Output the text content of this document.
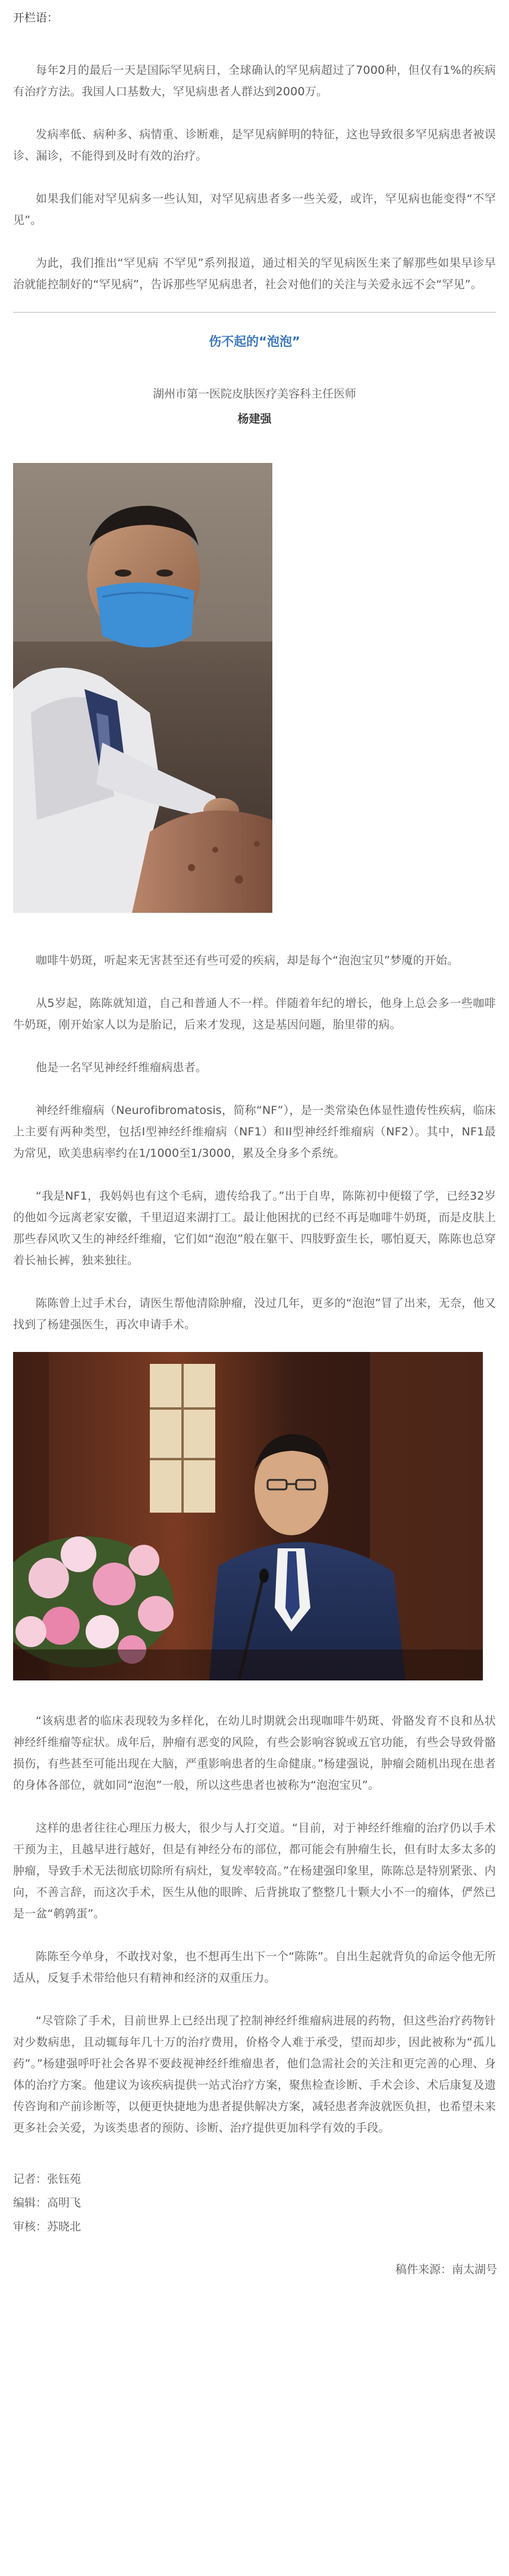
开栏语：

每年2月的最后一天是国际罕见病日，全球确认的罕见病超过了7000种，但仅有1%的疾病有治疗方法。我国人口基数大，罕见病患者人群达到2000万。

发病率低、病种多、病情重、诊断难，是罕见病鲜明的特征，这也导致很多罕见病患者被误诊、漏诊，不能得到及时有效的治疗。

如果我们能对罕见病多一些认知，对罕见病患者多一些关爱，或许，罕见病也能变得“不罕见”。

为此，我们推出“罕见病 不罕见”系列报道，通过相关的罕见病医生来了解那些如果早诊早治就能控制好的“罕见病”，告诉那些罕见病患者，社会对他们的关注与关爱永远不会“罕见”。

伤不起的“泡泡”
湖州市第一医院皮肤医疗美容科主任医师
杨建强

咖啡牛奶斑，听起来无害甚至还有些可爱的疾病，却是每个“泡泡宝贝”梦魇的开始。

从5岁起，陈陈就知道，自己和普通人不一样。伴随着年纪的增长，他身上总会多一些咖啡牛奶斑，刚开始家人以为是胎记，后来才发现，这是基因问题，胎里带的病。

他是一名罕见神经纤维瘤病患者。

神经纤维瘤病（Neurofibromatosis，简称“NF”），是一类常染色体显性遗传性疾病，临床上主要有两种类型，包括I型神经纤维瘤病（NF1）和II型神经纤维瘤病（NF2）。其中，NF1最为常见，欧美患病率约在1/1000至1/3000，累及全身多个系统。

“我是NF1，我妈妈也有这个毛病，遗传给我了。”出于自卑，陈陈初中便辍了学，已经32岁的他如今远离老家安徽，千里迢迢来湖打工。最让他困扰的已经不再是咖啡牛奶斑，而是皮肤上那些春风吹又生的神经纤维瘤，它们如“泡泡”般在躯干、四肢野蛮生长，哪怕夏天，陈陈也总穿着长袖长裤，独来独往。

陈陈曾上过手术台，请医生帮他清除肿瘤，没过几年，更多的“泡泡”冒了出来，无奈，他又找到了杨建强医生，再次申请手术。

“该病患者的临床表现较为多样化，在幼儿时期就会出现咖啡牛奶斑、骨骼发育不良和丛状神经纤维瘤等症状。成年后，肿瘤有恶变的风险，有些会影响容貌或五官功能，有些会导致骨骼损伤，有些甚至可能出现在大脑，严重影响患者的生命健康。”杨建强说，肿瘤会随机出现在患者的身体各部位，就如同“泡泡”一般，所以这些患者也被称为“泡泡宝贝”。

这样的患者往往心理压力极大，很少与人打交道。“目前，对于神经纤维瘤的治疗仍以手术干预为主，且越早进行越好，但是有神经分布的部位，都可能会有肿瘤生长，但有时太多太多的肿瘤，导致手术无法彻底切除所有病灶，复发率较高。”在杨建强印象里，陈陈总是特别紧张、内向，不善言辞，而这次手术，医生从他的眼眸、后背挑取了整整几十颗大小不一的瘤体，俨然已是一盆“鹌鹑蛋”。

陈陈至今单身，不敢找对象，也不想再生出下一个“陈陈”。自出生起就背负的命运令他无所适从，反复手术带给他只有精神和经济的双重压力。

“尽管除了手术，目前世界上已经出现了控制神经纤维瘤病进展的药物，但这些治疗药物针对少数病患，且动辄每年几十万的治疗费用，价格令人难于承受，望而却步，因此被称为“孤儿药”。”杨建强呼吁社会各界不要歧视神经纤维瘤患者，他们急需社会的关注和更完善的心理、身体的治疗方案。他建议为该疾病提供一站式治疗方案，聚焦检查诊断、手术会诊、术后康复及遗传咨询和产前诊断等，以便更快捷地为患者提供解决方案，减轻患者奔波就医负担，也希望未来更多社会关爱，为该类患者的预防、诊断、治疗提供更加科学有效的手段。

记者：张钰苑
编辑：高明飞
审核：苏晓北
稿件来源：南太湖号
